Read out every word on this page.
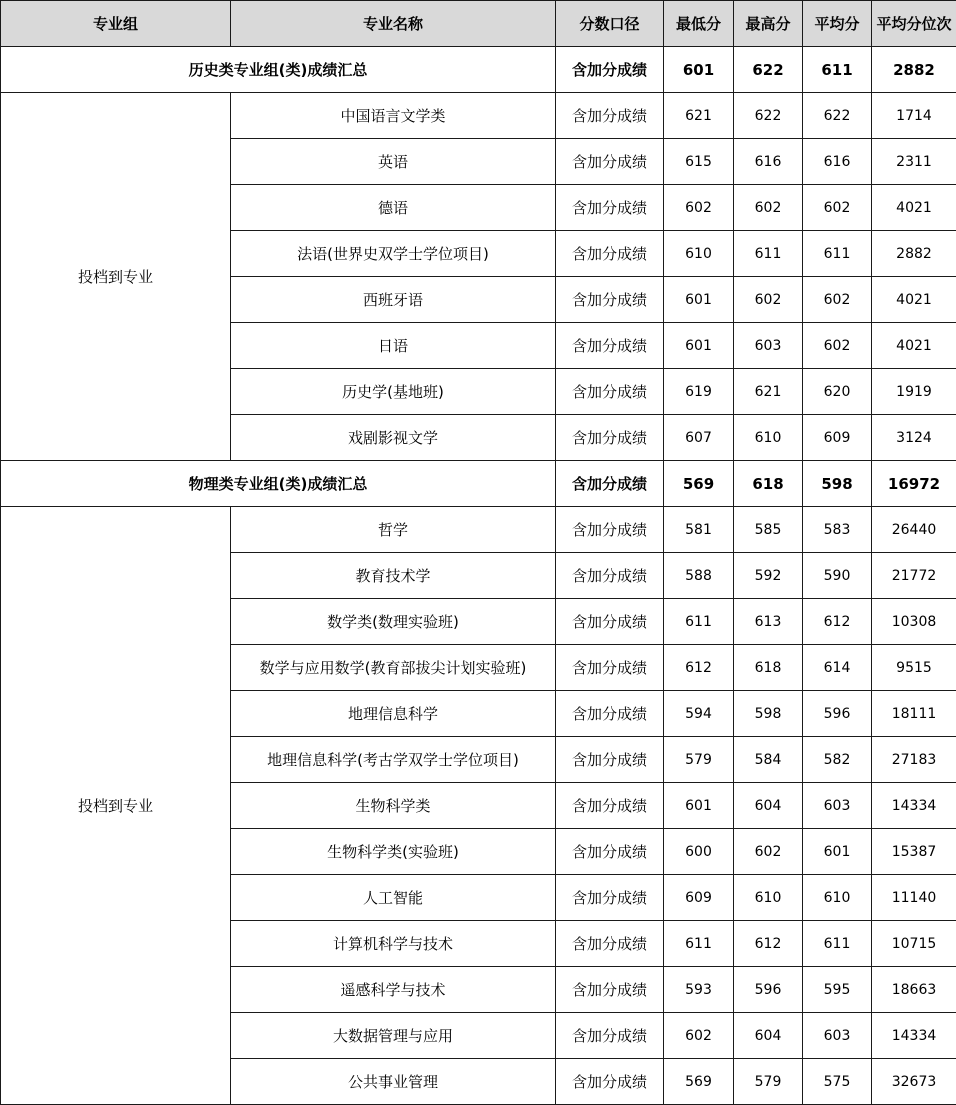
专业组	专业名称	分数口径	最低分	最高分	平均分	平均分位次
历史类专业组(类)成绩汇总		含加分成绩	601	622	611	2882
投档到专业	中国语言文学类	含加分成绩	621	622	622	1714
	英语	含加分成绩	615	616	616	2311
	德语	含加分成绩	602	602	602	4021
	法语(世界史双学士学位项目)	含加分成绩	610	611	611	2882
	西班牙语	含加分成绩	601	602	602	4021
	日语	含加分成绩	601	603	602	4021
	历史学(基地班)	含加分成绩	619	621	620	1919
	戏剧影视文学	含加分成绩	607	610	609	3124
物理类专业组(类)成绩汇总		含加分成绩	569	618	598	16972
投档到专业	哲学	含加分成绩	581	585	583	26440
	教育技术学	含加分成绩	588	592	590	21772
	数学类(数理实验班)	含加分成绩	611	613	612	10308
	数学与应用数学(教育部拔尖计划实验班)	含加分成绩	612	618	614	9515
	地理信息科学	含加分成绩	594	598	596	18111
	地理信息科学(考古学双学士学位项目)	含加分成绩	579	584	582	27183
	生物科学类	含加分成绩	601	604	603	14334
	生物科学类(实验班)	含加分成绩	600	602	601	15387
	人工智能	含加分成绩	609	610	610	11140
	计算机科学与技术	含加分成绩	611	612	611	10715
	遥感科学与技术	含加分成绩	593	596	595	18663
	大数据管理与应用	含加分成绩	602	604	603	14334
	公共事业管理	含加分成绩	569	579	575	32673
